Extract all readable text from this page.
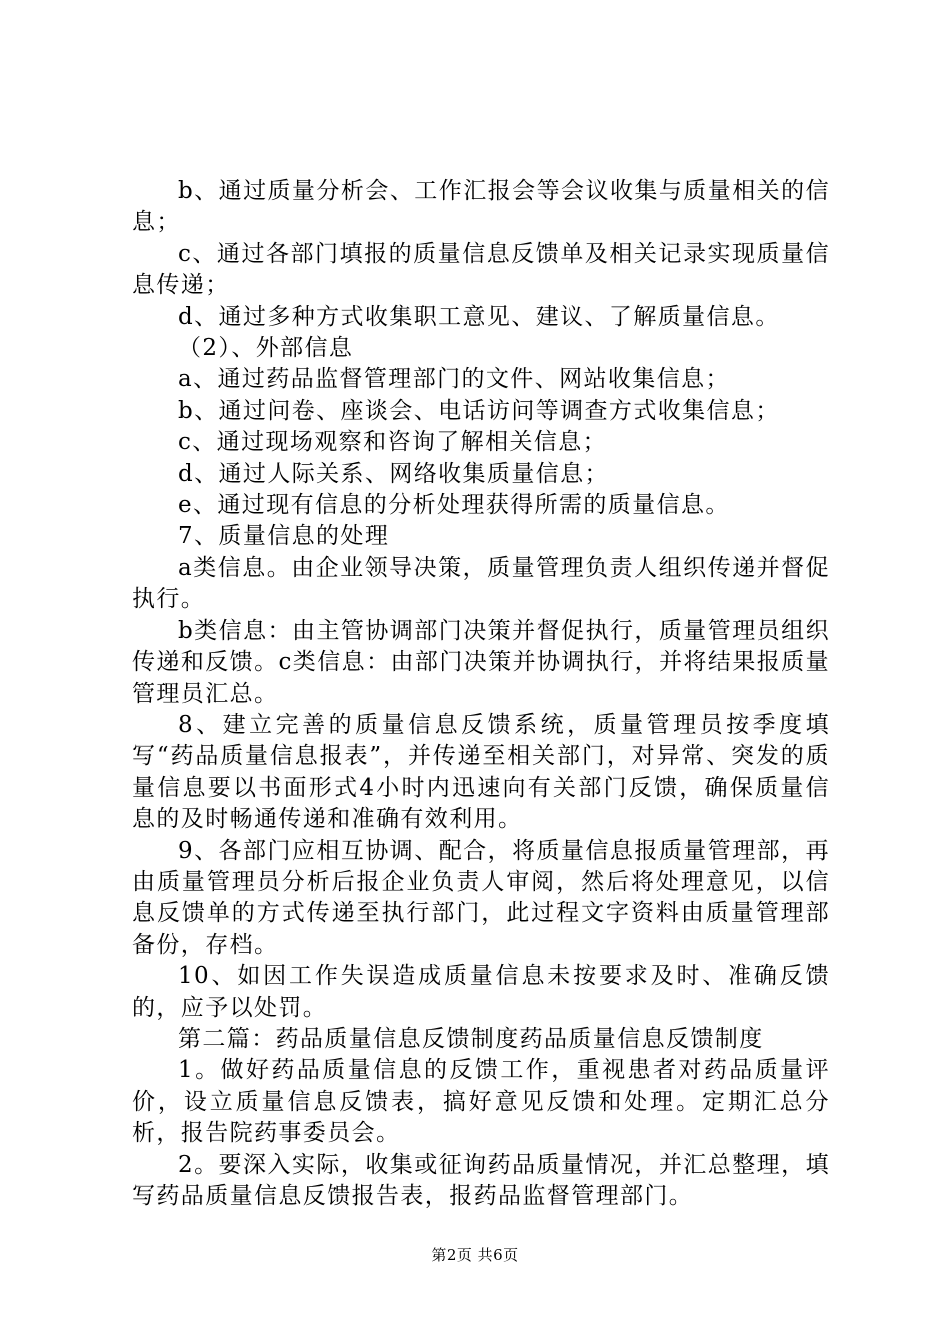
b、通过质量分析会、工作汇报会等会议收集与质量相关的信息；

c、通过各部门填报的质量信息反馈单及相关记录实现质量信息传递；

d、通过多种方式收集职工意见、建议、了解质量信息。

（2）、外部信息

a、通过药品监督管理部门的文件、网站收集信息；

b、通过问卷、座谈会、电话访问等调查方式收集信息；

c、通过现场观察和咨询了解相关信息；

d、通过人际关系、网络收集质量信息；

e、通过现有信息的分析处理获得所需的质量信息。

7、质量信息的处理

a类信息。由企业领导决策，质量管理负责人组织传递并督促执行。

b类信息：由主管协调部门决策并督促执行，质量管理员组织传递和反馈。c类信息：由部门决策并协调执行，并将结果报质量管理员汇总。

8、建立完善的质量信息反馈系统，质量管理员按季度填写“药品质量信息报表”，并传递至相关部门，对异常、突发的质量信息要以书面形式4小时内迅速向有关部门反馈，确保质量信息的及时畅通传递和准确有效利用。

9、各部门应相互协调、配合，将质量信息报质量管理部，再由质量管理员分析后报企业负责人审阅，然后将处理意见，以信息反馈单的方式传递至执行部门，此过程文字资料由质量管理部备份，存档。

10、如因工作失误造成质量信息未按要求及时、准确反馈的，应予以处罚。

第二篇：药品质量信息反馈制度药品质量信息反馈制度

1。做好药品质量信息的反馈工作，重视患者对药品质量评价，设立质量信息反馈表，搞好意见反馈和处理。定期汇总分析，报告院药事委员会。

2。要深入实际，收集或征询药品质量情况，并汇总整理，填写药品质量信息反馈报告表，报药品监督管理部门。

第2页 共6页
